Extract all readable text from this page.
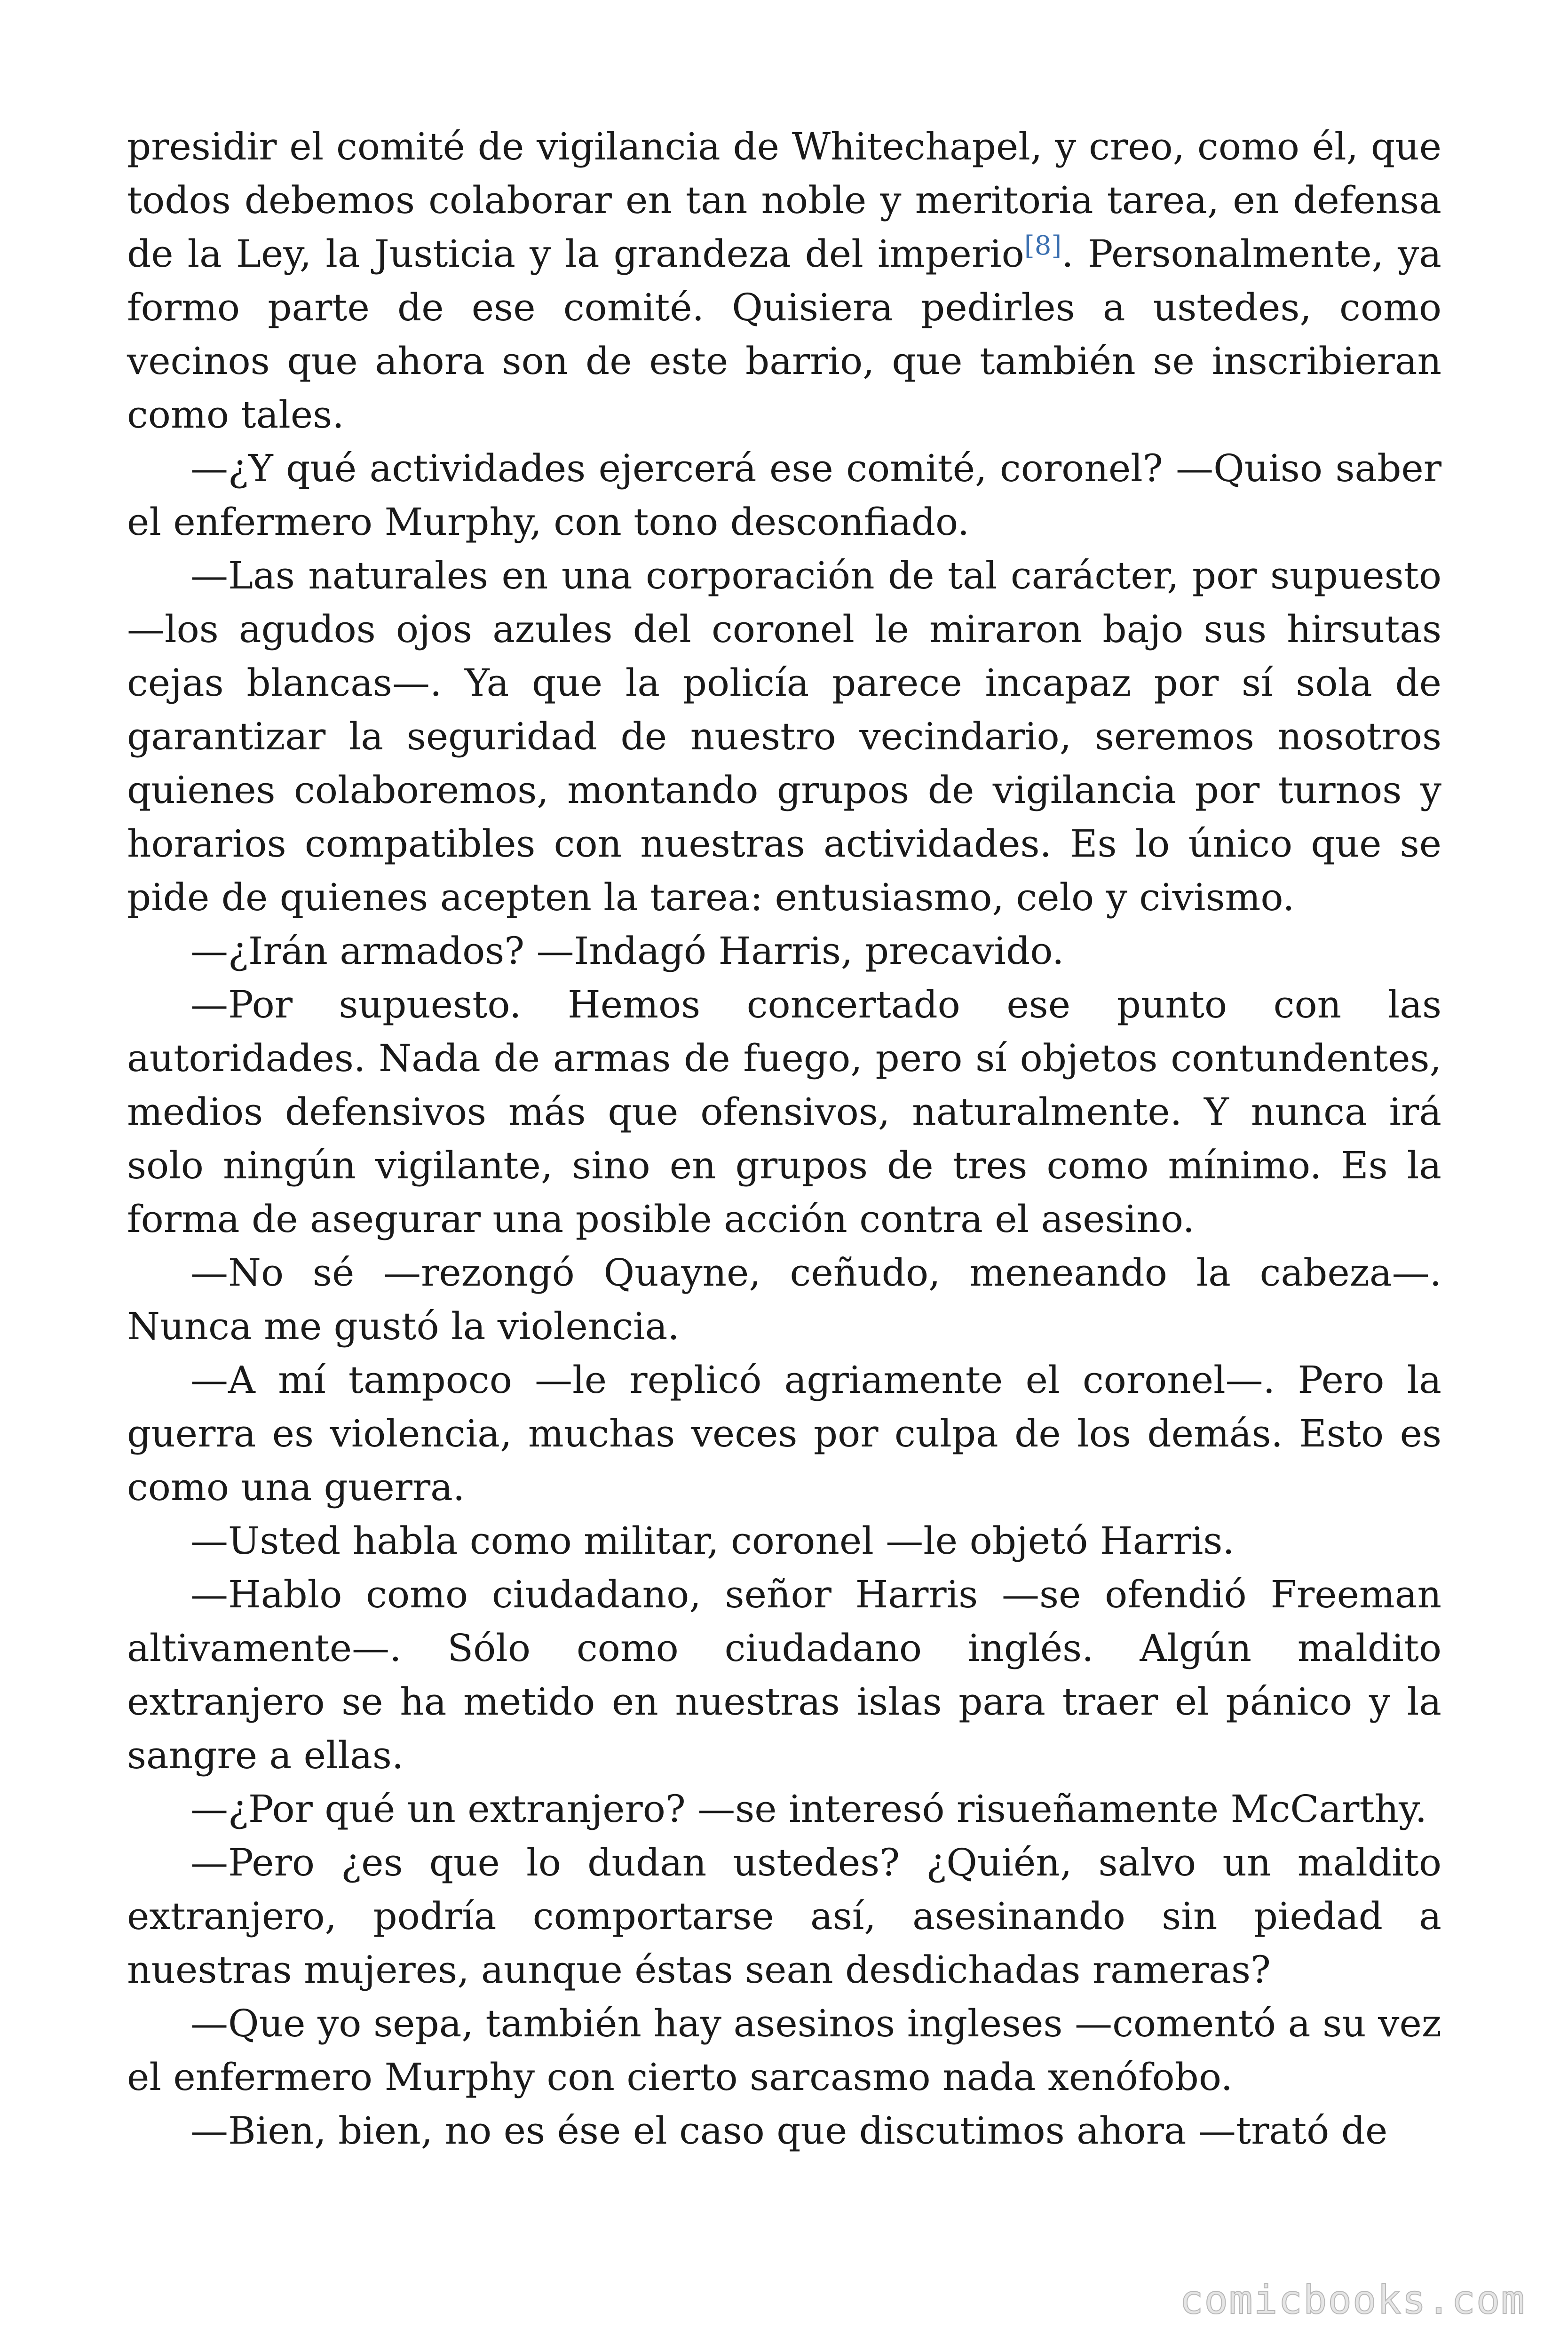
presidir el comité de vigilancia de Whitechapel, y creo, como él, que todos debemos colaborar en tan noble y meritoria tarea, en defensa de la Ley, la Justicia y la grandeza del imperio[8]. Personalmente, ya formo parte de ese comité. Quisiera pedirles a ustedes, como vecinos que ahora son de este barrio, que también se inscribieran como tales.

—¿Y qué actividades ejercerá ese comité, coronel? —Quiso saber el enfermero Murphy, con tono desconfiado.

—Las naturales en una corporación de tal carácter, por supuesto —los agudos ojos azules del coronel le miraron bajo sus hirsutas cejas blancas—. Ya que la policía parece incapaz por sí sola de garantizar la seguridad de nuestro vecindario, seremos nosotros quienes colaboremos, montando grupos de vigilancia por turnos y horarios compatibles con nuestras actividades. Es lo único que se pide de quienes acepten la tarea: entusiasmo, celo y civismo.

—¿Irán armados? —Indagó Harris, precavido.

—Por supuesto. Hemos concertado ese punto con las autoridades. Nada de armas de fuego, pero sí objetos contundentes, medios defensivos más que ofensivos, naturalmente. Y nunca irá solo ningún vigilante, sino en grupos de tres como mínimo. Es la forma de asegurar una posible acción contra el asesino.

—No sé —rezongó Quayne, ceñudo, meneando la cabeza—. Nunca me gustó la violencia.

—A mí tampoco —le replicó agriamente el coronel—. Pero la guerra es violencia, muchas veces por culpa de los demás. Esto es como una guerra.

—Usted habla como militar, coronel —le objetó Harris.

—Hablo como ciudadano, señor Harris —se ofendió Freeman altivamente—. Sólo como ciudadano inglés. Algún maldito extranjero se ha metido en nuestras islas para traer el pánico y la sangre a ellas.

—¿Por qué un extranjero? —se interesó risueñamente McCarthy.

—Pero ¿es que lo dudan ustedes? ¿Quién, salvo un maldito extranjero, podría comportarse así, asesinando sin piedad a nuestras mujeres, aunque éstas sean desdichadas rameras?

—Que yo sepa, también hay asesinos ingleses —comentó a su vez el enfermero Murphy con cierto sarcasmo nada xenófobo.

—Bien, bien, no es ése el caso que discutimos ahora —trató de

comicbooks.com
